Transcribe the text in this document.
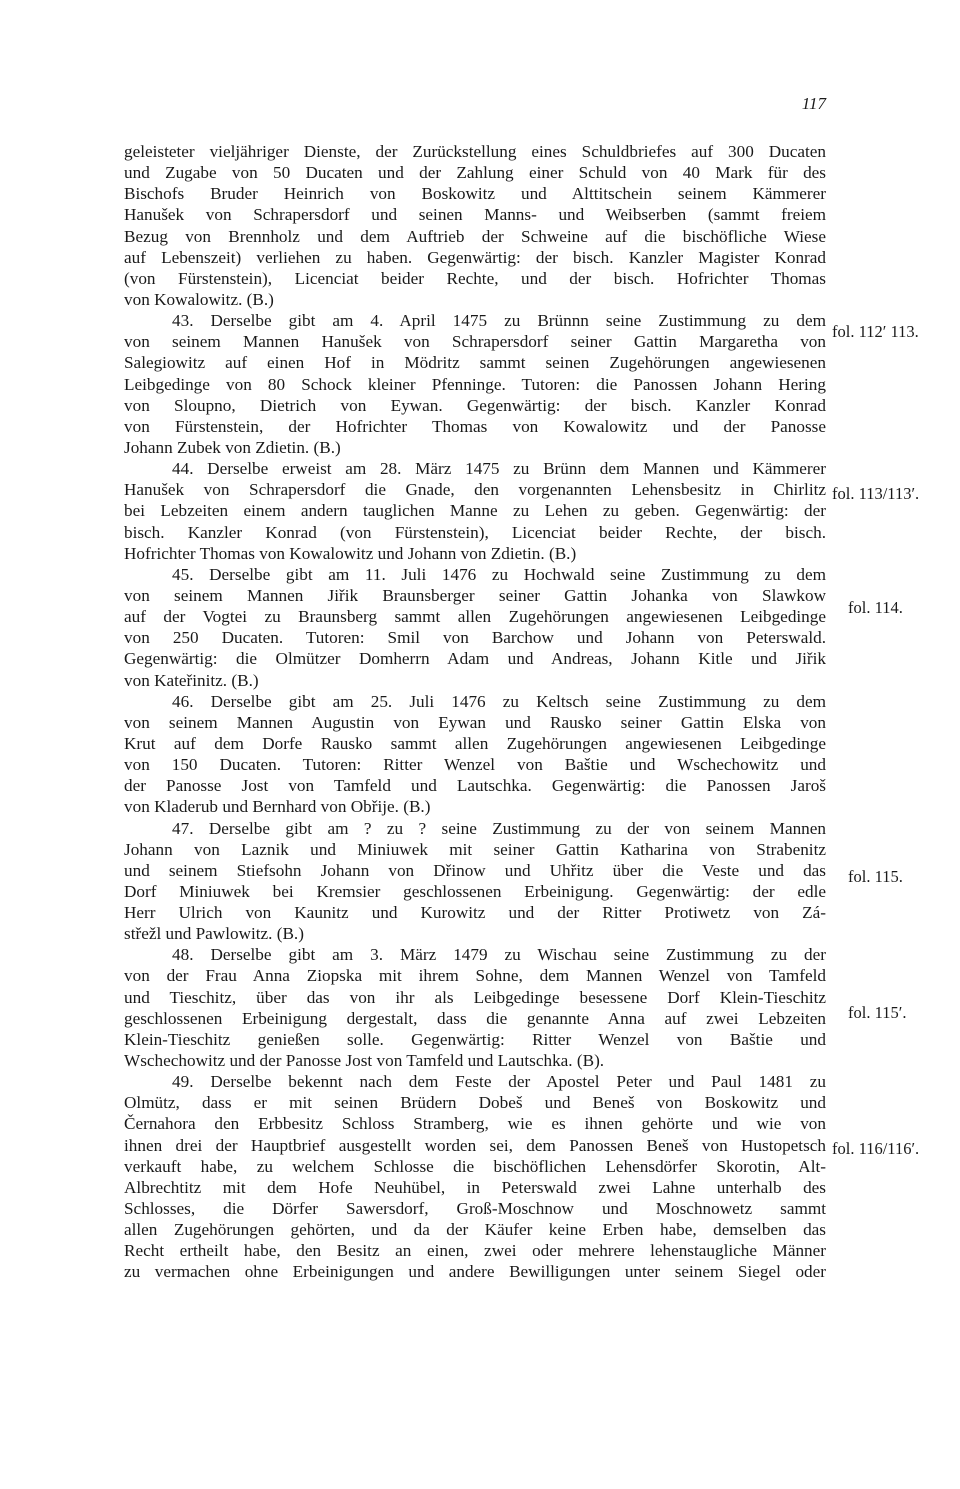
117
geleisteter vieljähriger Dienste, der Zurückstellung eines Schuldbriefes auf 300 Ducaten
und Zugabe von 50 Ducaten und der Zahlung einer Schuld von 40 Mark für des
Bischofs Bruder Heinrich von Boskowitz und Alttitschein seinem Kämmerer
Hanušek von Schrapersdorf und seinen Manns- und Weibserben (sammt freiem
Bezug von Brennholz und dem Auftrieb der Schweine auf die bischöfliche Wiese
auf Lebenszeit) verliehen zu haben. Gegenwärtig: der bisch. Kanzler Magister Konrad
(von Fürstenstein), Licenciat beider Rechte, und der bisch. Hofrichter Thomas
von Kowalowitz. (B.)
43. Derselbe gibt am 4. April 1475 zu Brünnn seine Zustimmung zu dem
von seinem Mannen Hanušek von Schrapersdorf seiner Gattin Margaretha von
Salegiowitz auf einen Hof in Mödritz sammt seinen Zugehörungen angewiesenen
Leibgedinge von 80 Schock kleiner Pfenninge. Tutoren: die Panossen Johann Hering
von Sloupno, Dietrich von Eywan. Gegenwärtig: der bisch. Kanzler Konrad
von Fürstenstein, der Hofrichter Thomas von Kowalowitz und der Panosse
Johann Zubek von Zdietin. (B.)
44. Derselbe erweist am 28. März 1475 zu Brünn dem Mannen und Kämmerer
Hanušek von Schrapersdorf die Gnade, den vorgenannten Lehensbesitz in Chirlitz
bei Lebzeiten einem andern tauglichen Manne zu Lehen zu geben. Gegenwärtig: der
bisch. Kanzler Konrad (von Fürstenstein), Licenciat beider Rechte, der bisch.
Hofrichter Thomas von Kowalowitz und Johann von Zdietin. (B.)
45. Derselbe gibt am 11. Juli 1476 zu Hochwald seine Zustimmung zu dem
von seinem Mannen Jiřik Braunsberger seiner Gattin Johanka von Slawkow
auf der Vogtei zu Braunsberg sammt allen Zugehörungen angewiesenen Leibgedinge
von 250 Ducaten. Tutoren: Smil von Barchow und Johann von Peterswald.
Gegenwärtig: die Olmützer Domherrn Adam und Andreas, Johann Kitle und Jiřik
von Kateřinitz. (B.)
46. Derselbe gibt am 25. Juli 1476 zu Keltsch seine Zustimmung zu dem
von seinem Mannen Augustin von Eywan und Rausko seiner Gattin Elska von
Krut auf dem Dorfe Rausko sammt allen Zugehörungen angewiesenen Leibgedinge
von 150 Ducaten. Tutoren: Ritter Wenzel von Baštie und Wschechowitz und
der Panosse Jost von Tamfeld und Lautschka. Gegenwärtig: die Panossen Jaroš
von Kladerub und Bernhard von Obřije. (B.)
47. Derselbe gibt am ? zu ? seine Zustimmung zu der von seinem Mannen
Johann von Laznik und Miniuwek mit seiner Gattin Katharina von Strabenitz
und seinem Stiefsohn Johann von Dřinow und Uhřitz über die Veste und das
Dorf Miniuwek bei Kremsier geschlossenen Erbeinigung. Gegenwärtig: der edle
Herr Ulrich von Kaunitz und Kurowitz und der Ritter Protiwetz von Zá-
střežl und Pawlowitz. (B.)
48. Derselbe gibt am 3. März 1479 zu Wischau seine Zustimmung zu der
von der Frau Anna Ziopska mit ihrem Sohne, dem Mannen Wenzel von Tamfeld
und Tieschitz, über das von ihr als Leibgedinge besessene Dorf Klein-Tieschitz
geschlossenen Erbeinigung dergestalt, dass die genannte Anna auf zwei Lebzeiten
Klein-Tieschitz genießen solle. Gegenwärtig: Ritter Wenzel von Baštie und
Wschechowitz und der Panosse Jost von Tamfeld und Lautschka. (B).
49. Derselbe bekennt nach dem Feste der Apostel Peter und Paul 1481 zu
Olmütz, dass er mit seinen Brüdern Dobeš und Beneš von Boskowitz und
Černahora den Erbbesitz Schloss Stramberg, wie es ihnen gehörte und wie von
ihnen drei der Hauptbrief ausgestellt worden sei, dem Panossen Beneš von Hustopetsch
verkauft habe, zu welchem Schlosse die bischöflichen Lehensdörfer Skorotin, Alt-
Albrechtitz mit dem Hofe Neuhübel, in Peterswald zwei Lahne unterhalb des
Schlosses, die Dörfer Sawersdorf, Groß-Moschnow und Moschnowetz sammt
allen Zugehörungen gehörten, und da der Käufer keine Erben habe, demselben das
Recht ertheilt habe, den Besitz an einen, zwei oder mehrere lehenstaugliche Männer
zu vermachen ohne Erbeinigungen und andere Bewilligungen unter seinem Siegel oder
fol. 112′ 113.
fol. 113/113′.
fol. 114.
fol. 115.
fol. 115′.
fol. 116/116′.
